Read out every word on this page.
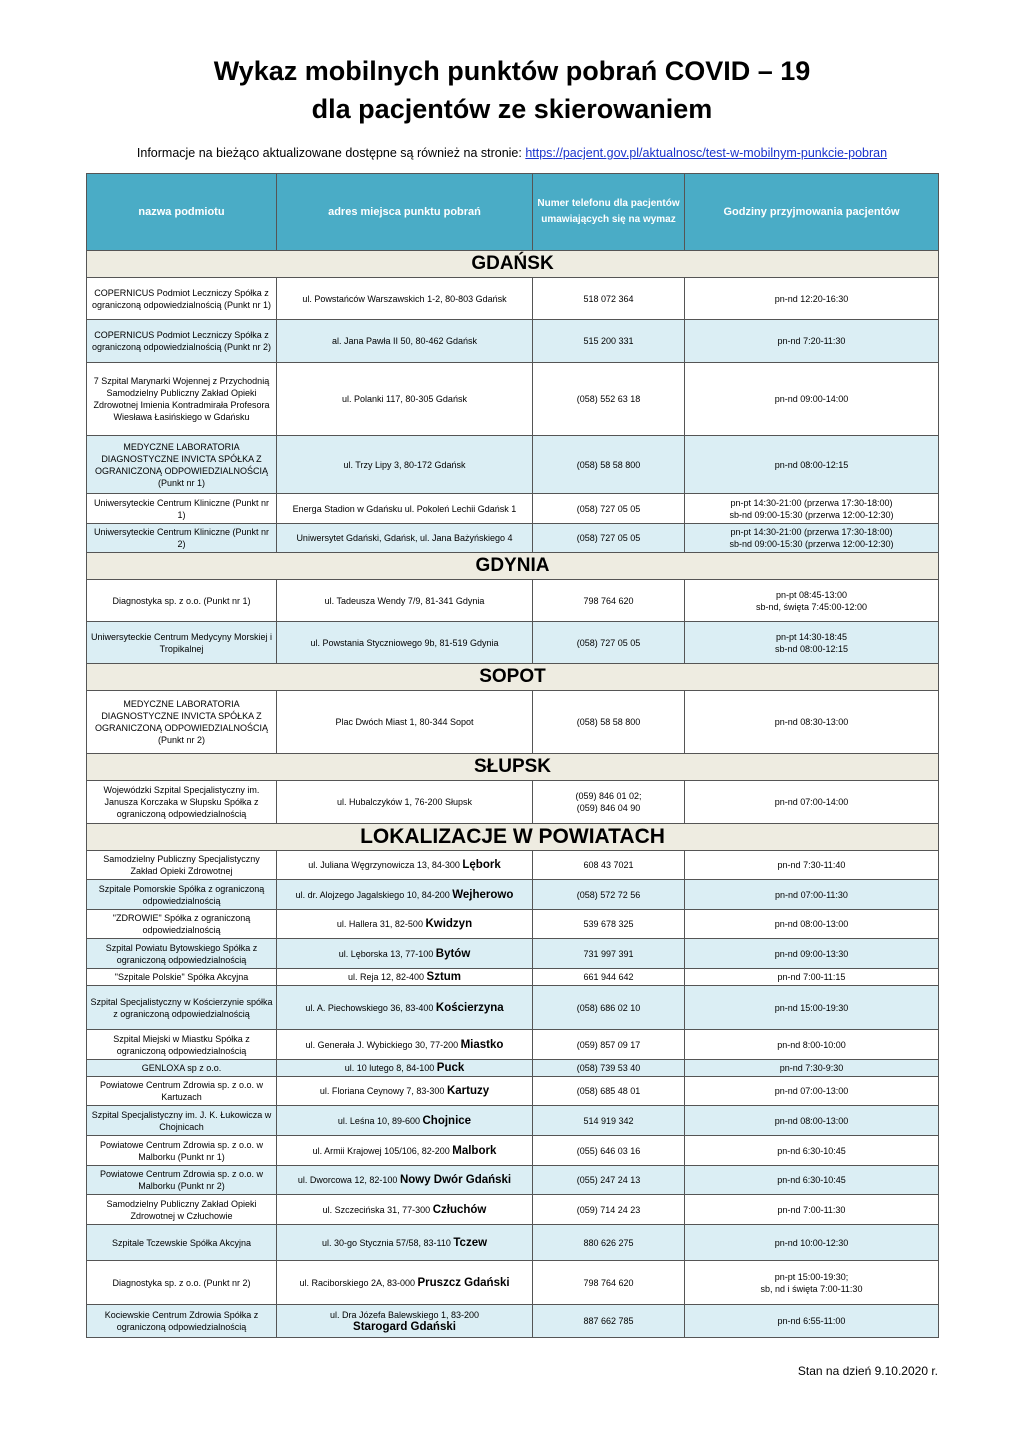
Wykaz mobilnych punktów pobrań COVID – 19
dla pacjentów ze skierowaniem
Informacje na bieżąco aktualizowane dostępne są również na stronie: https://pacjent.gov.pl/aktualnosc/test-w-mobilnym-punkcie-pobran
nazwa podmiotu	adres miejsca punktu pobrań	Numer telefonu dla pacjentów umawiających się na wymaz	Godziny przyjmowania pacjentów
GDAŃSK			
COPERNICUS Podmiot Leczniczy Spółka z ograniczoną odpowiedzialnością (Punkt nr 1)	ul. Powstańców Warszawskich 1-2, 80-803 Gdańsk	518 072 364	pn-nd 12:20-16:30

COPERNICUS Podmiot Leczniczy Spółka z ograniczoną odpowiedzialnością (Punkt nr 2)	al. Jana Pawła II 50, 80-462 Gdańsk	515 200 331	pn-nd 7:20-11:30

7 Szpital Marynarki Wojennej z Przychodnią Samodzielny Publiczny Zakład Opieki Zdrowotnej Imienia Kontradmirała Profesora Wiesława Łasińskiego w Gdańsku	ul. Polanki 117, 80-305 Gdańsk	(058) 552 63 18	pn-nd 09:00-14:00

MEDYCZNE LABORATORIA DIAGNOSTYCZNE INVICTA SPÓŁKA Z OGRANICZONĄ ODPOWIEDZIALNOŚCIĄ (Punkt nr 1)	ul. Trzy Lipy 3, 80-172 Gdańsk	(058) 58 58 800	pn-nd 08:00-12:15

Uniwersyteckie Centrum Kliniczne (Punkt nr 1)	Energa Stadion w Gdańsku ul. Pokoleń Lechii Gdańsk 1	(058) 727 05 05	pn-pt 14:30-21:00 (przerwa 17:30-18:00)
sb-nd 09:00-15:30 (przerwa 12:00-12:30)

Uniwersyteckie Centrum Kliniczne (Punkt nr 2)	Uniwersytet Gdański, Gdańsk, ul. Jana Bażyńskiego 4	(058) 727 05 05	pn-pt 14:30-21:00 (przerwa 17:30-18:00)
sb-nd 09:00-15:30 (przerwa 12:00-12:30)

GDYNIA			
Diagnostyka sp. z o.o. (Punkt nr 1)	ul. Tadeusza Wendy 7/9, 81-341 Gdynia	798 764 620	pn-pt 08:45-13:00
sb-nd, święta 7:45:00-12:00

Uniwersyteckie Centrum Medycyny Morskiej i Tropikalnej	ul. Powstania Styczniowego 9b, 81-519 Gdynia	(058) 727 05 05	pn-pt 14:30-18:45
sb-nd 08:00-12:15

SOPOT			
MEDYCZNE LABORATORIA DIAGNOSTYCZNE INVICTA SPÓŁKA Z OGRANICZONĄ ODPOWIEDZIALNOŚCIĄ (Punkt nr 2)	Plac Dwóch Miast 1, 80-344 Sopot	(058) 58 58 800	pn-nd 08:30-13:00

SŁUPSK			
Wojewódzki Szpital Specjalistyczny im. Janusza Korczaka w Słupsku Spółka z ograniczoną odpowiedzialnością	ul. Hubalczyków 1, 76-200 Słupsk	(059) 846 01 02;
(059) 846 04 90	pn-nd 07:00-14:00

LOKALIZACJE W POWIATACH			
Samodzielny Publiczny Specjalistyczny Zakład Opieki Zdrowotnej	ul. Juliana Węgrzynowicza 13, 84-300 Lębork	608 43 7021	pn-nd 7:30-11:40

Szpitale Pomorskie Spółka z ograniczoną odpowiedzialnością	ul. dr. Alojzego Jagalskiego 10, 84-200 Wejherowo	(058) 572 72 56	pn-nd 07:00-11:30

"ZDROWIE" Spółka z ograniczoną odpowiedzialnością	ul. Hallera 31, 82-500 Kwidzyn	539 678 325	pn-nd 08:00-13:00

Szpital Powiatu Bytowskiego Spółka z ograniczoną odpowiedzialnością	ul. Lęborska 13, 77-100 Bytów	731 997 391	pn-nd 09:00-13:30

"Szpitale Polskie" Spółka Akcyjna	ul. Reja 12, 82-400 Sztum	661 944 642	pn-nd 7:00-11:15

Szpital Specjalistyczny w Kościerzynie spółka z ograniczoną odpowiedzialnością	ul. A. Piechowskiego 36, 83-400 Kościerzyna	(058) 686 02 10	pn-nd 15:00-19:30

Szpital Miejski w Miastku Spółka z ograniczoną odpowiedzialnością	ul. Generała J. Wybickiego 30, 77-200 Miastko	(059) 857 09 17	pn-nd 8:00-10:00

GENLOXA sp z o.o.	ul. 10 lutego 8, 84-100 Puck	(058) 739 53 40	pn-nd 7:30-9:30

Powiatowe Centrum Zdrowia sp. z o.o. w Kartuzach	ul. Floriana Ceynowy 7, 83-300 Kartuzy	(058) 685 48 01	pn-nd 07:00-13:00

Szpital Specjalistyczny im. J. K. Łukowicza w Chojnicach	ul. Leśna 10, 89-600 Chojnice	514 919 342	pn-nd 08:00-13:00

Powiatowe Centrum Zdrowia sp. z o.o. w Malborku (Punkt nr 1)	ul. Armii Krajowej 105/106, 82-200 Malbork	(055) 646 03 16	pn-nd 6:30-10:45

Powiatowe Centrum Zdrowia sp. z o.o. w Malborku (Punkt nr 2)	ul. Dworcowa 12, 82-100 Nowy Dwór Gdański	(055) 247 24 13	pn-nd 6:30-10:45

Samodzielny Publiczny Zakład Opieki Zdrowotnej w Człuchowie	ul. Szczecińska 31, 77-300 Człuchów	(059) 714 24 23	pn-nd 7:00-11:30

Szpitale Tczewskie Spółka Akcyjna	ul. 30-go Stycznia 57/58, 83-110 Tczew	880 626 275	pn-nd 10:00-12:30

Diagnostyka sp. z o.o. (Punkt nr 2)	ul. Raciborskiego 2A, 83-000 Pruszcz Gdański	798 764 620	pn-pt 15:00-19:30;
sb, nd i święta 7:00-11:30

Kociewskie Centrum Zdrowia Spółka z ograniczoną odpowiedzialnością	ul. Dra Józefa Balewskiego 1, 83-200
Starogard Gdański	887 662 785	pn-nd 6:55-11:00
Stan na dzień 9.10.2020 r.
